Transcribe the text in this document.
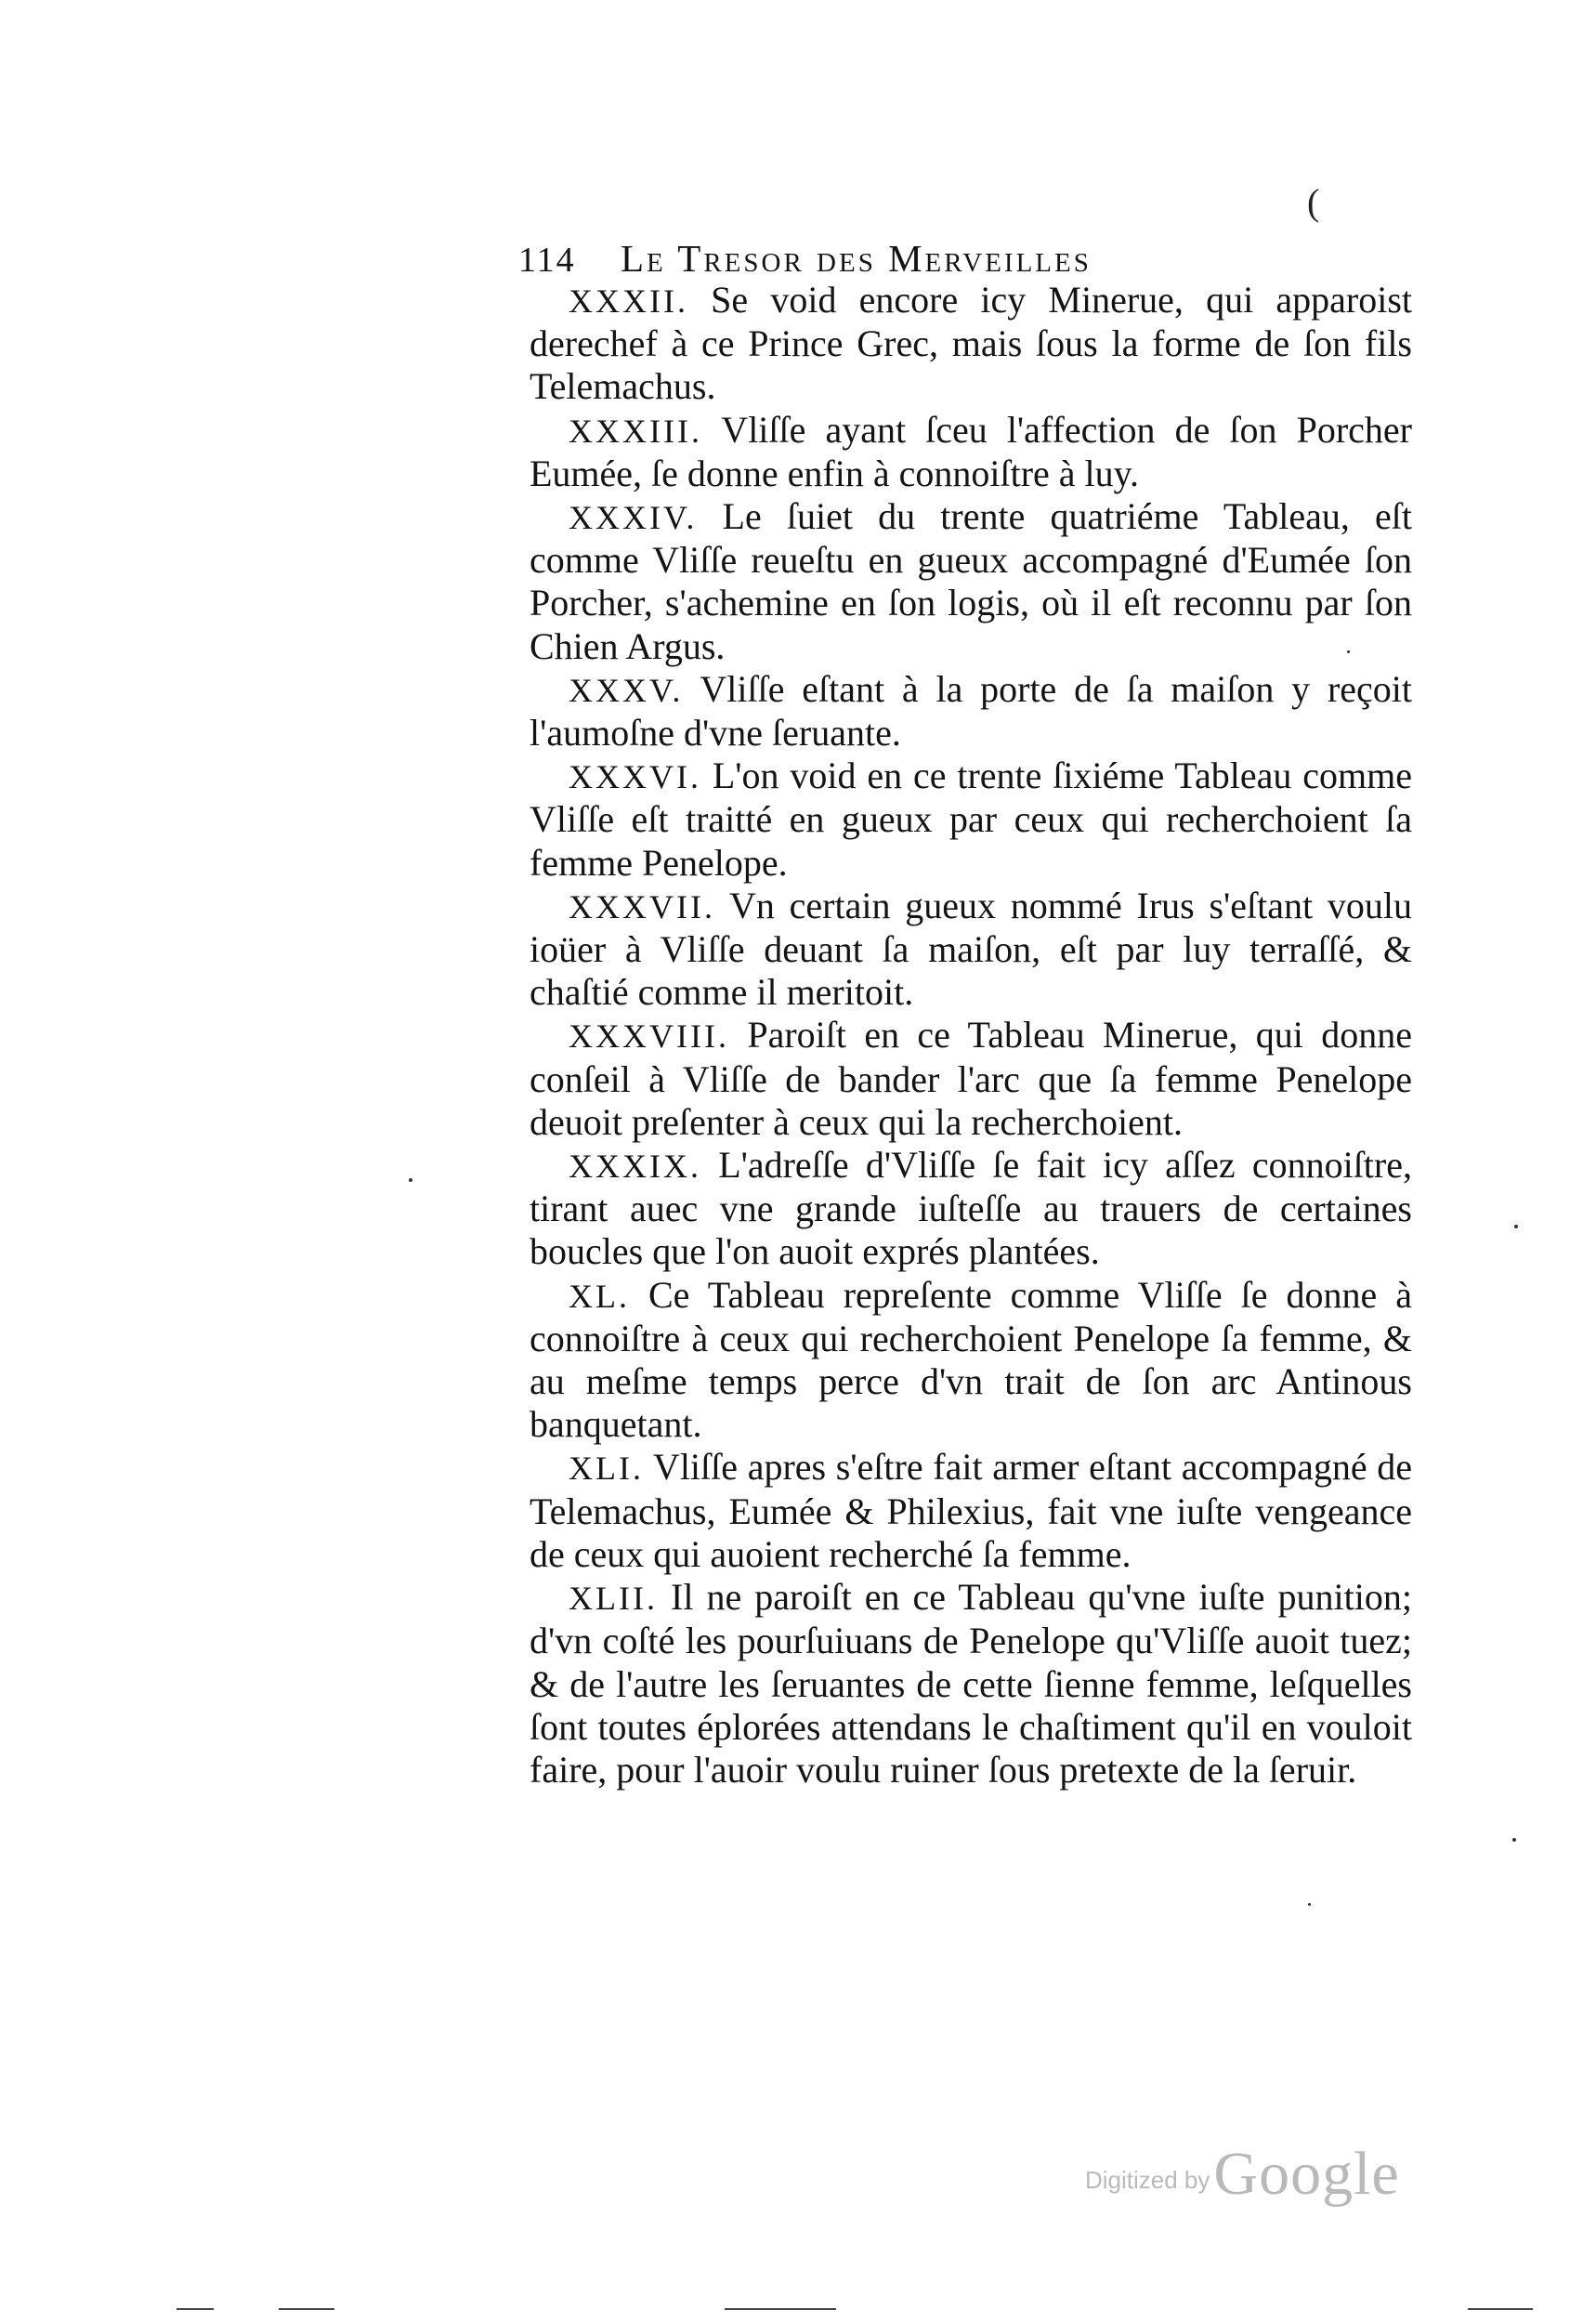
(
114 Le Tresor des Merveilles

XXXII. Se void encore icy Minerue, qui apparoist derechef à ce Prince Grec, mais ſous la forme de ſon fils Telemachus.

XXXIII. Vliſſe ayant ſceu l'affection de ſon Porcher Eumée, ſe donne enfin à connoiſtre à luy.

XXXIV. Le ſuiet du trente quatriéme Tableau, eſt comme Vliſſe reueſtu en gueux accompagné d'Eumée ſon Porcher, s'achemine en ſon logis, où il eſt reconnu par ſon Chien Argus.

XXXV. Vliſſe eſtant à la porte de ſa maiſon y reçoit l'aumoſne d'vne ſeruante.

XXXVI. L'on void en ce trente ſixiéme Tableau comme Vliſſe eſt traitté en gueux par ceux qui recherchoient ſa femme Penelope.

XXXVII. Vn certain gueux nommé Irus s'eſtant voulu ioüer à Vliſſe deuant ſa maiſon, eſt par luy terraſſé, & chaſtié comme il meritoit.

XXXVIII. Paroiſt en ce Tableau Minerue, qui donne conſeil à Vliſſe de bander l'arc que ſa femme Penelope deuoit preſenter à ceux qui la recherchoient.

XXXIX. L'adreſſe d'Vliſſe ſe fait icy aſſez connoiſtre, tirant auec vne grande iuſteſſe au trauers de certaines boucles que l'on auoit exprés plantées.

XL. Ce Tableau repreſente comme Vliſſe ſe donne à connoiſtre à ceux qui recherchoient Penelope ſa femme, & au meſme temps perce d'vn trait de ſon arc Antinous banquetant.

XLI. Vliſſe apres s'eſtre fait armer eſtant accompagné de Telemachus, Eumée & Philexius, fait vne iuſte vengeance de ceux qui auoient recherché ſa femme.

XLII. Il ne paroiſt en ce Tableau qu'vne iuſte punition; d'vn coſté les pourſuiuans de Penelope qu'Vliſſe auoit tuez; & de l'autre les ſeruantes de cette ſienne femme, leſquelles ſont toutes éplorées attendans le chaſtiment qu'il en vouloit faire, pour l'auoir voulu ruiner ſous pretexte de la ſeruir.

Digitized by Google
